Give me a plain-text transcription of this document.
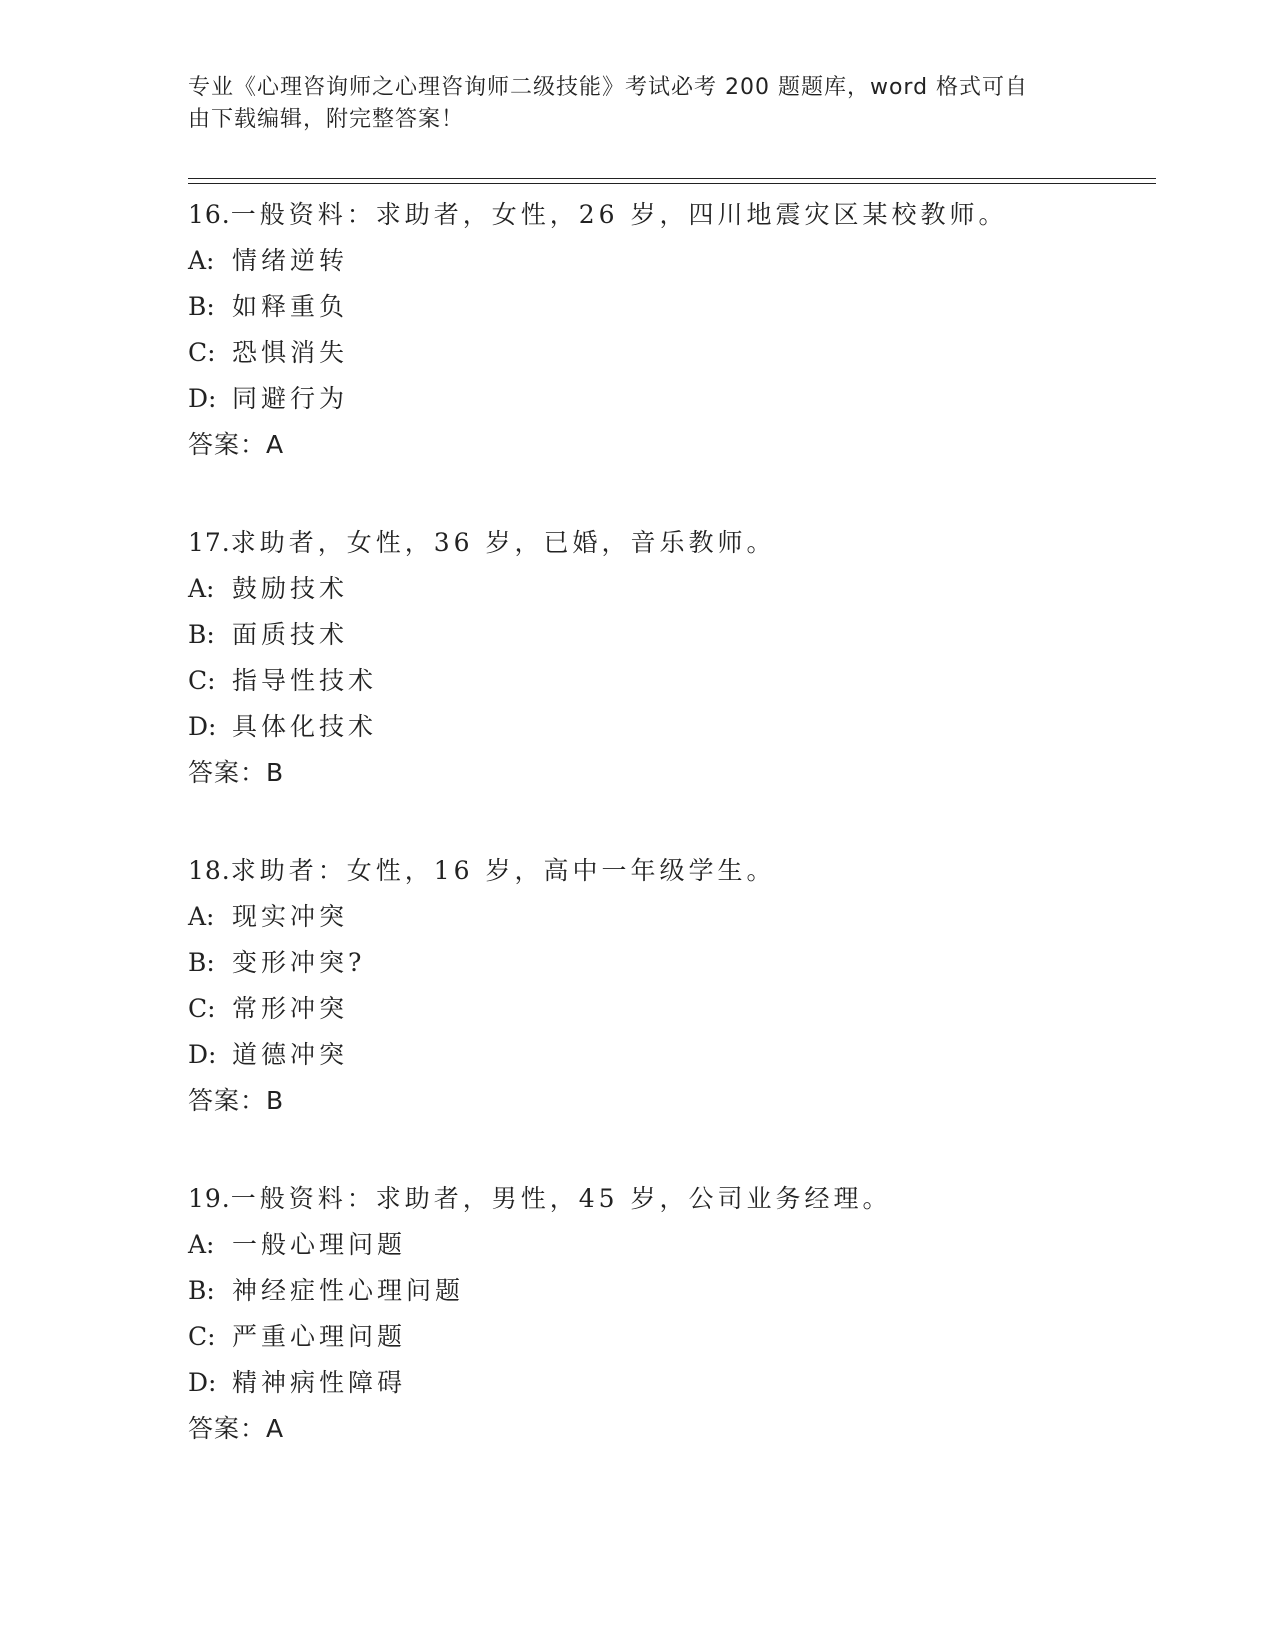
专业《心理咨询师之心理咨询师二级技能》考试必考 200 题题库，word 格式可自
由下载编辑，附完整答案！
16.一般资料：求助者，女性，26 岁，四川地震灾区某校教师。
A: 情绪逆转
B: 如释重负
C: 恐惧消失
D: 同避行为
答案：A
17.求助者，女性，36 岁，已婚，音乐教师。
A: 鼓励技术
B: 面质技术
C: 指导性技术
D: 具体化技术
答案：B
18.求助者：女性，16 岁，高中一年级学生。
A: 现实冲突
B: 变形冲突?
C: 常形冲突
D: 道德冲突
答案：B
19.一般资料：求助者，男性，45 岁，公司业务经理。
A: 一般心理问题
B: 神经症性心理问题
C: 严重心理问题
D: 精神病性障碍
答案：A
